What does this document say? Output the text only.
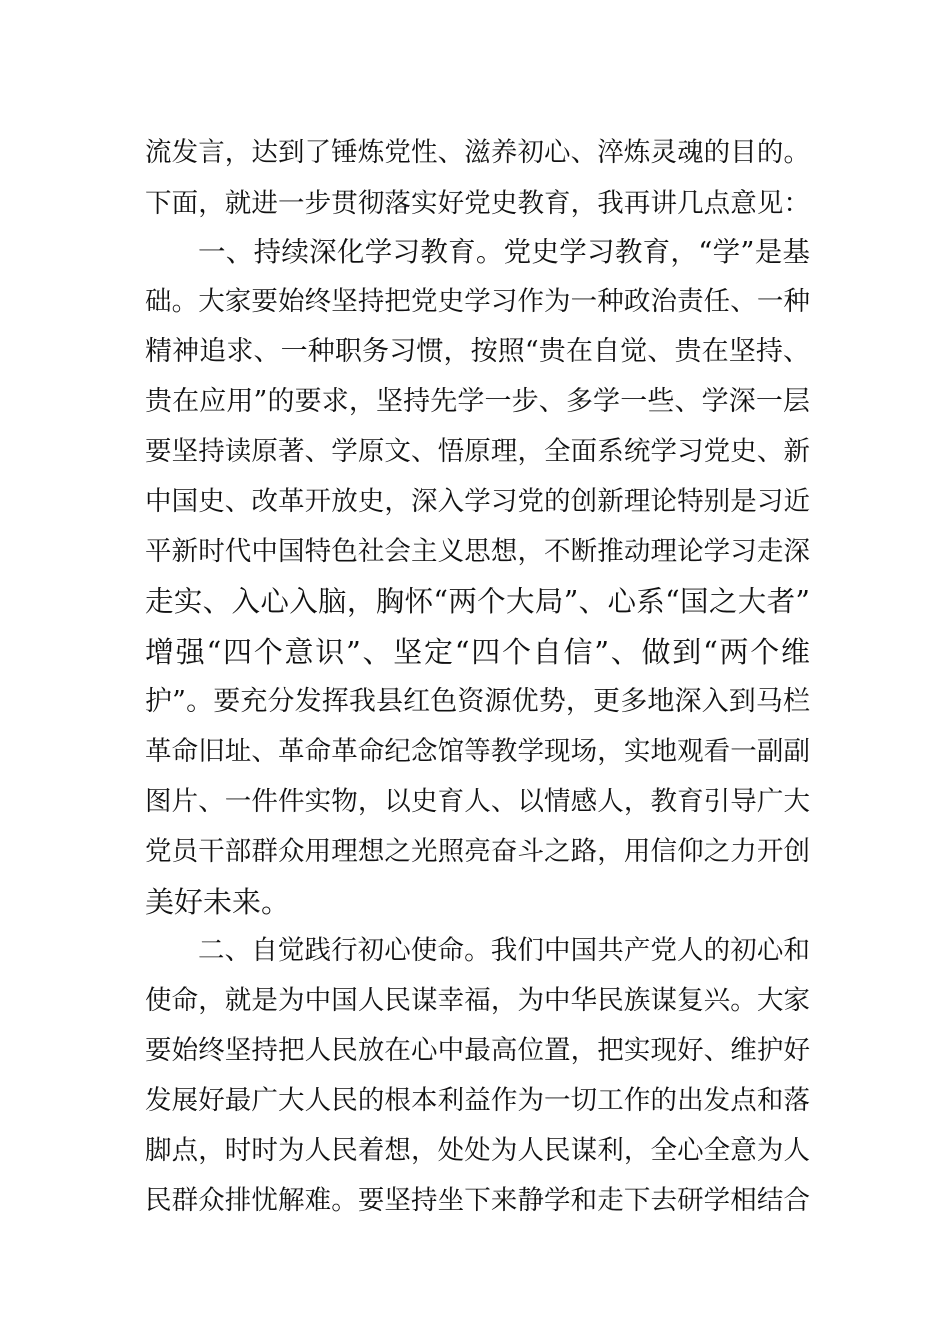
流发言，达到了锤炼党性、滋养初心、淬炼灵魂的目的。
下面，就进一步贯彻落实好党史教育，我再讲几点意见：
一、持续深化学习教育。党史学习教育，“学”是基
础。大家要始终坚持把党史学习作为一种政治责任、一种
精神追求、一种职务习惯，按照“贵在自觉、贵在坚持、
贵在应用”的要求，坚持先学一步、多学一些、学深一层
要坚持读原著、学原文、悟原理，全面系统学习党史、新
中国史、改革开放史，深入学习党的创新理论特别是习近
平新时代中国特色社会主义思想，不断推动理论学习走深
走实、入心入脑，胸怀“两个大局”、心系“国之大者”
增强“四个意识”、坚定“四个自信”、做到“两个维
护”。要充分发挥我县红色资源优势，更多地深入到马栏
革命旧址、革命革命纪念馆等教学现场，实地观看一副副
图片、一件件实物，以史育人、以情感人，教育引导广大
党员干部群众用理想之光照亮奋斗之路，用信仰之力开创
美好未来。
二、自觉践行初心使命。我们中国共产党人的初心和
使命，就是为中国人民谋幸福，为中华民族谋复兴。大家
要始终坚持把人民放在心中最高位置，把实现好、维护好
发展好最广大人民的根本利益作为一切工作的出发点和落
脚点，时时为人民着想，处处为人民谋利，全心全意为人
民群众排忧解难。要坚持坐下来静学和走下去研学相结合
